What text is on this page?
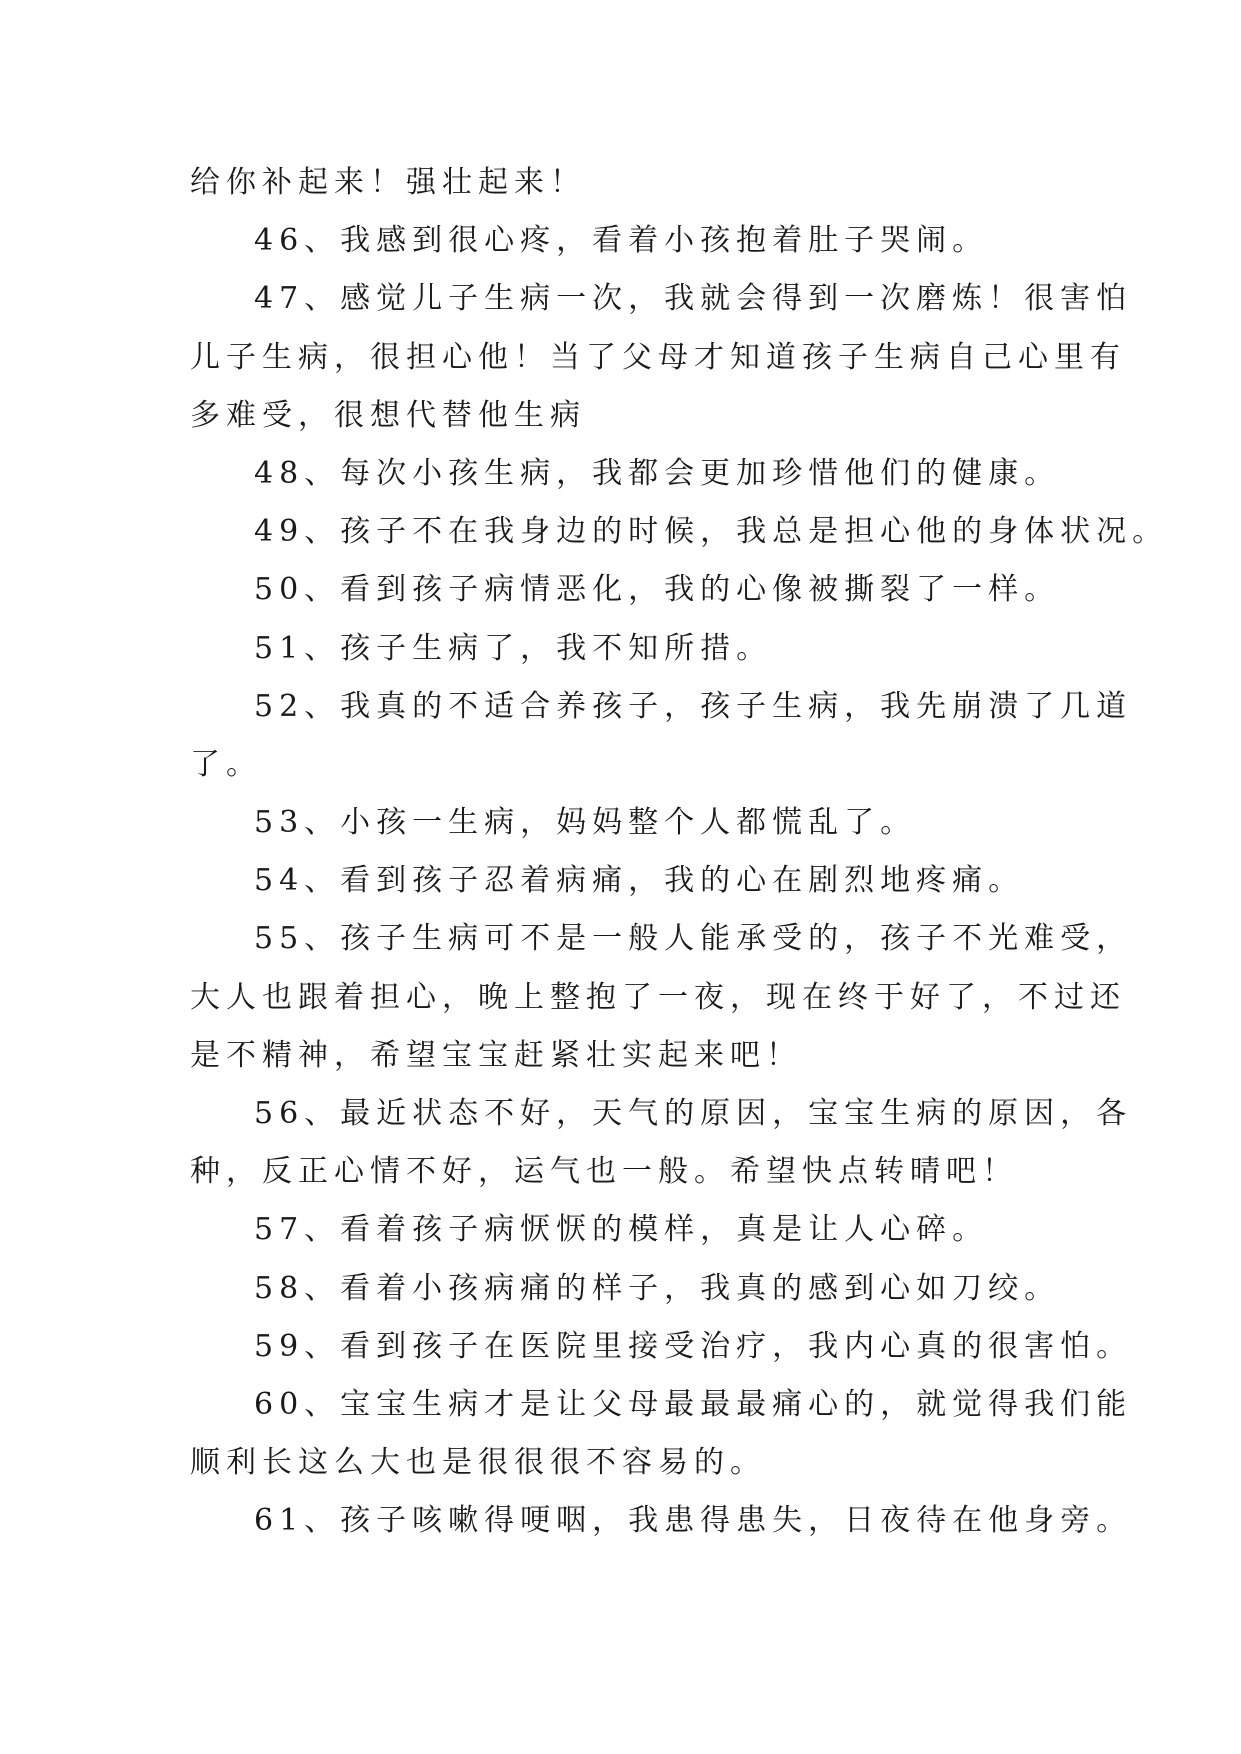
给你补起来！强壮起来！
46、我感到很心疼，看着小孩抱着肚子哭闹。
47、感觉儿子生病一次，我就会得到一次磨炼！很害怕
儿子生病，很担心他！当了父母才知道孩子生病自己心里有
多难受，很想代替他生病
48、每次小孩生病，我都会更加珍惜他们的健康。
49、孩子不在我身边的时候，我总是担心他的身体状况。
50、看到孩子病情恶化，我的心像被撕裂了一样。
51、孩子生病了，我不知所措。
52、我真的不适合养孩子，孩子生病，我先崩溃了几道
了。
53、小孩一生病，妈妈整个人都慌乱了。
54、看到孩子忍着病痛，我的心在剧烈地疼痛。
55、孩子生病可不是一般人能承受的，孩子不光难受，
大人也跟着担心，晚上整抱了一夜，现在终于好了，不过还
是不精神，希望宝宝赶紧壮实起来吧！
56、最近状态不好，天气的原因，宝宝生病的原因，各
种，反正心情不好，运气也一般。希望快点转晴吧！
57、看着孩子病恹恹的模样，真是让人心碎。
58、看着小孩病痛的样子，我真的感到心如刀绞。
59、看到孩子在医院里接受治疗，我内心真的很害怕。
60、宝宝生病才是让父母最最最痛心的，就觉得我们能
顺利长这么大也是很很很不容易的。
61、孩子咳嗽得哽咽，我患得患失，日夜待在他身旁。
